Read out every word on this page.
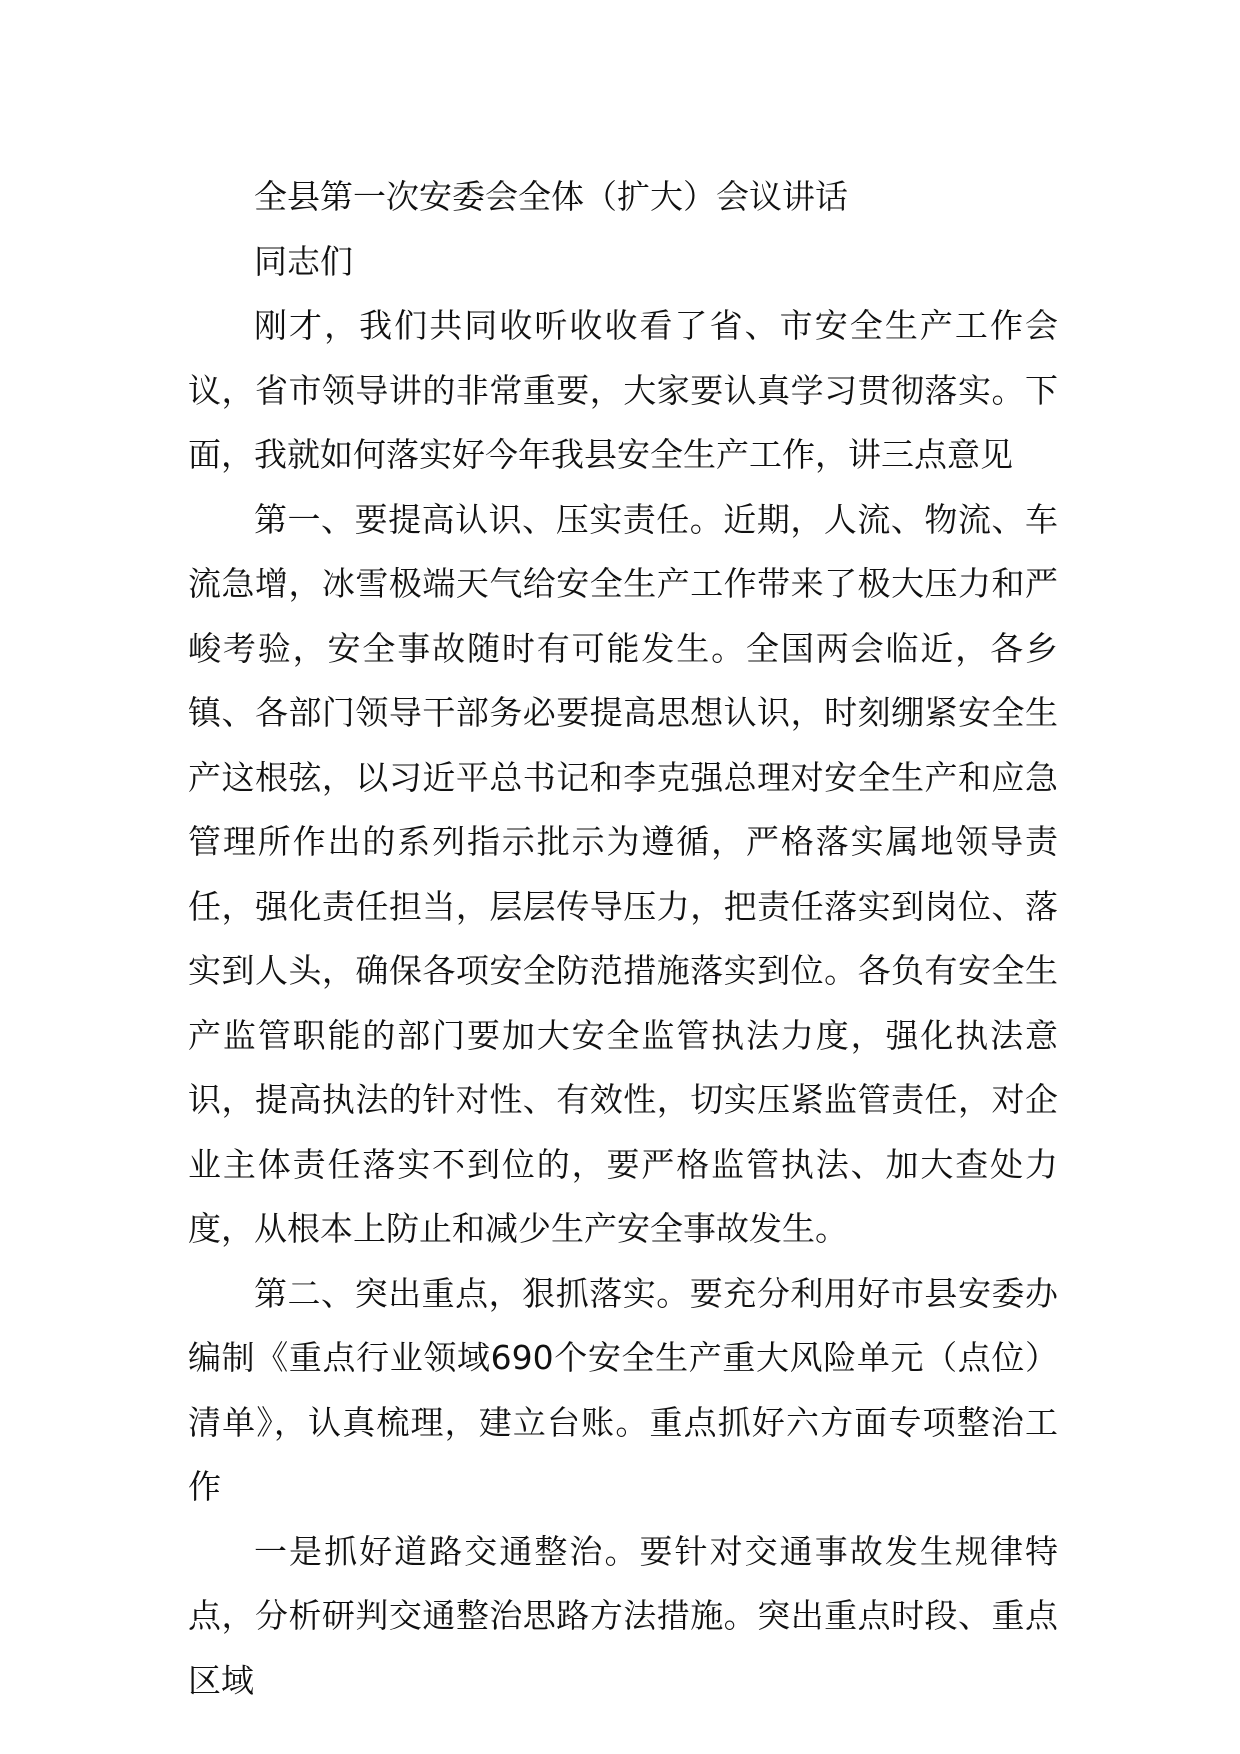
全县第一次安委会全体（扩大）会议讲话

同志们

刚才，我们共同收听收收看了省、市安全生产工作会议，省市领导讲的非常重要，大家要认真学习贯彻落实。下面，我就如何落实好今年我县安全生产工作，讲三点意见

第一、要提高认识、压实责任。近期，人流、物流、车流急增，冰雪极端天气给安全生产工作带来了极大压力和严峻考验，安全事故随时有可能发生。全国两会临近，各乡镇、各部门领导干部务必要提高思想认识，时刻绷紧安全生产这根弦，以习近平总书记和李克强总理对安全生产和应急管理所作出的系列指示批示为遵循，严格落实属地领导责任，强化责任担当，层层传导压力，把责任落实到岗位、落实到人头，确保各项安全防范措施落实到位。各负有安全生产监管职能的部门要加大安全监管执法力度，强化执法意识，提高执法的针对性、有效性，切实压紧监管责任，对企业主体责任落实不到位的，要严格监管执法、加大查处力度，从根本上防止和减少生产安全事故发生。

第二、突出重点，狠抓落实。要充分利用好市县安委办编制《重点行业领域690个安全生产重大风险单元（点位）清单》，认真梳理，建立台账。重点抓好六方面专项整治工作

一是抓好道路交通整治。要针对交通事故发生规律特点，分析研判交通整治思路方法措施。突出重点时段、重点区域
